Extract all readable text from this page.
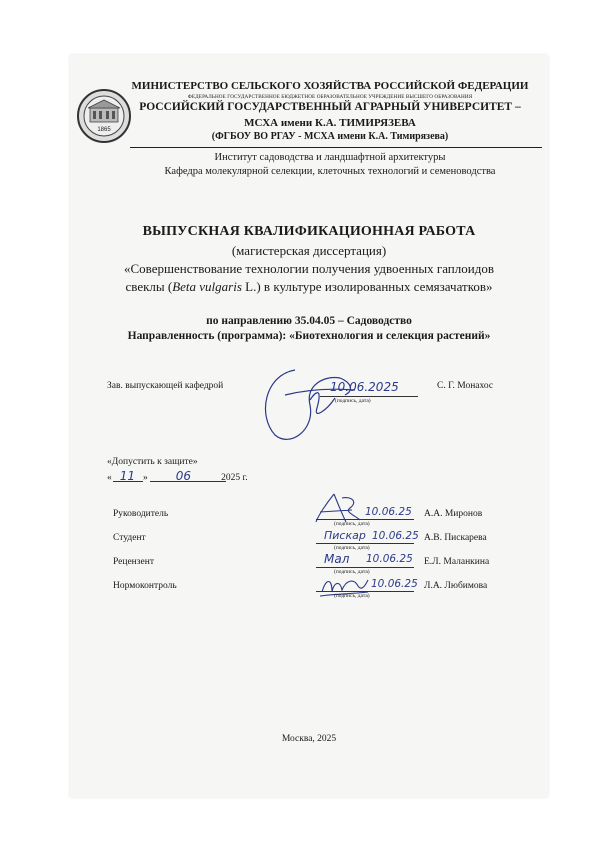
1865
МИНИСТЕРСТВО СЕЛЬСКОГО ХОЗЯЙСТВА РОССИЙСКОЙ ФЕДЕРАЦИИ
ФЕДЕРАЛЬНОЕ ГОСУДАРСТВЕННОЕ БЮДЖЕТНОЕ ОБРАЗОВАТЕЛЬНОЕ УЧРЕЖДЕНИЕ ВЫСШЕГО ОБРАЗОВАНИЯ
РОССИЙСКИЙ ГОСУДАРСТВЕННЫЙ АГРАРНЫЙ УНИВЕРСИТЕТ –
МСХА имени К.А. ТИМИРЯЗЕВА
(ФГБОУ ВО РГАУ - МСХА имени К.А. Тимирязева)
Институт садоводства и ландшафтной архитектуры
Кафедра молекулярной селекции, клеточных технологий и семеноводства
ВЫПУСКНАЯ КВАЛИФИКАЦИОННАЯ РАБОТА
(магистерская диссертация)
«Совершенствование технологии получения удвоенных гаплоидов
свеклы (Beta vulgaris L.) в культуре изолированных семязачатков»
по направлению 35.04.05 – Садоводство
Направленность (программа): «Биотехнология и селекция растений»
Зав. выпускающей кафедрой	10.06.2025
(подпись, дата)
С. Г. Монахос
«Допустить к защите»
« 11 » 06	2025 г.
Руководитель	10.06.25
(подпись, дата)
А.А. Миронов
Студент	Пискар 10.06.25
(подпись, дата)
А.В. Пискарева
Рецензент	Мал 10.06.25
(подпись, дата)
Е.Л. Маланкина
Нормоконтроль	10.06.25
(подпись, дата)
Л.А. Любимова
Москва, 2025
